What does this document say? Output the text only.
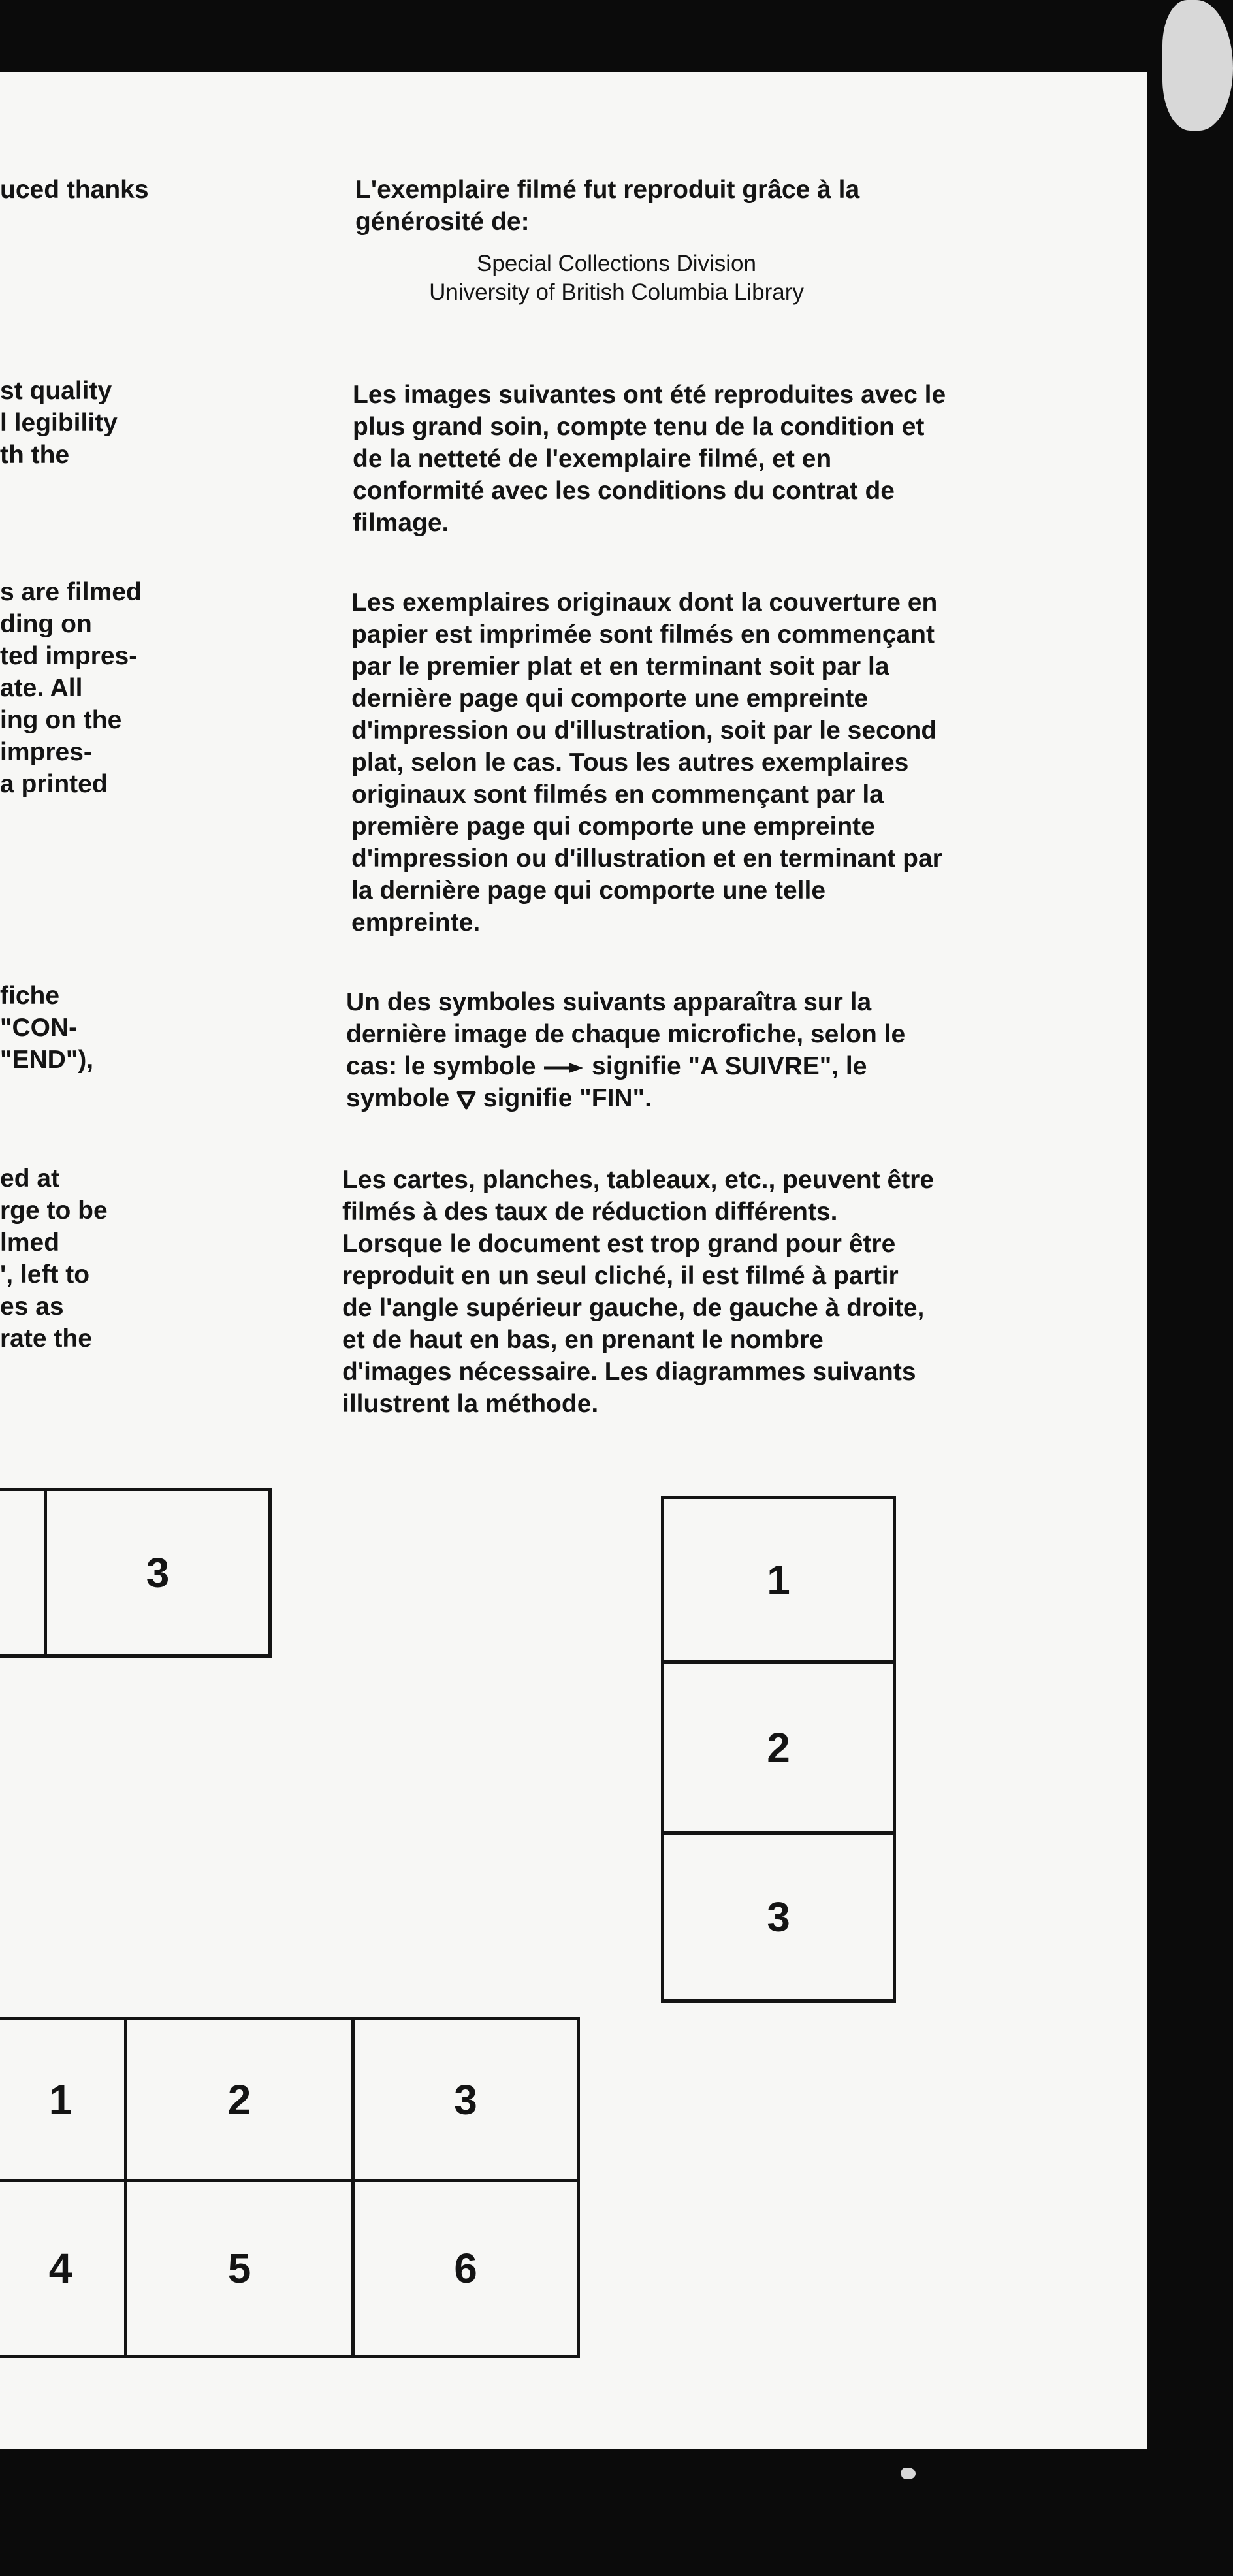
uced thanks

st quality

l legibility

th the

s are filmed

ding on

ted impres-

ate. All

ing on the

impres-

a printed

fiche

"CON-

"END"),

ed at

rge to be

lmed

', left to

es as

rate the

L'exemplaire filmé fut reproduit grâce à la

générosité de:

Special Collections Division

University of British Columbia Library

Les images suivantes ont été reproduites avec le

plus grand soin, compte tenu de la condition et

de la netteté de l'exemplaire filmé, et en

conformité avec les conditions du contrat de

filmage.

Les exemplaires originaux dont la couverture en

papier est imprimée sont filmés en commençant

par le premier plat et en terminant soit par la

dernière page qui comporte une empreinte

d'impression ou d'illustration, soit par le second

plat, selon le cas. Tous les autres exemplaires

originaux sont filmés en commençant par la

première page qui comporte une empreinte

d'impression ou d'illustration et en terminant par

la dernière page qui comporte une telle

empreinte.

Un des symboles suivants apparaîtra sur la

dernière image de chaque microfiche, selon le

cas: le symbole signifie "A SUIVRE", le

symbole signifie "FIN".

Les cartes, planches, tableaux, etc., peuvent être

filmés à des taux de réduction différents.

Lorsque le document est trop grand pour être

reproduit en un seul cliché, il est filmé à partir

de l'angle supérieur gauche, de gauche à droite,

et de haut en bas, en prenant le nombre

d'images nécessaire. Les diagrammes suivants

illustrent la méthode.

3	1
2
3
1	2	3
4	5	6
